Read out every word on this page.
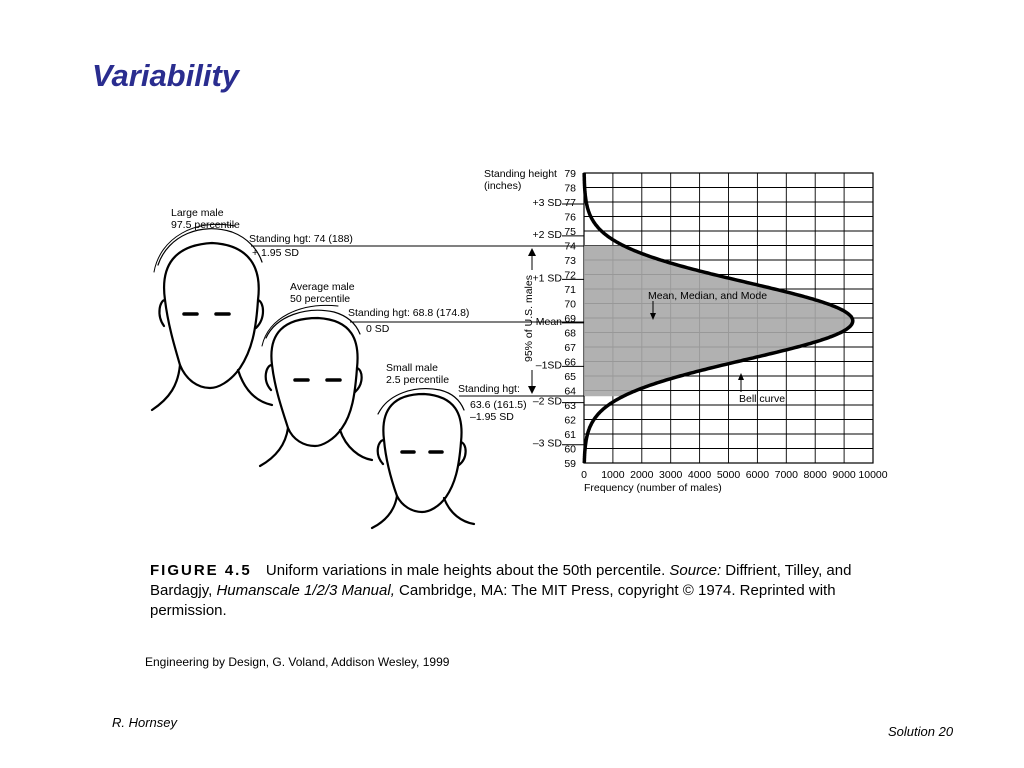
Variability
Large male
97.5 percentile
Standing hgt: 74 (188)
+ 1.95 SD
Average male
50 percentile
Standing hgt: 68.8 (174.8)
0 SD
Small male
2.5 percentile
Standing hgt:
63.6 (161.5)
–1.95 SD
95% of U.S. males
79
78
77
76
75
74
73
72
71
70
69
68
67
66
65
64
63
62
61
60
59
0 1000 2000 3000 4000 5000 6000 7000 8000 9000 10000
+3 SD
+2 SD
+1 SD
Mean
–1SD
–2 SD
–3 SD
Standing height
(inches)
Frequency (number of males)
Mean, Median, and Mode
Bell curve
FIGURE 4.5 Uniform variations in male heights about the 50th percentile. Source: Diffrient, Tilley, and Bardagjy, Humanscale 1/2/3 Manual, Cambridge, MA: The MIT Press, copyright © 1974. Reprinted with permission.
Engineering by Design, G. Voland, Addison Wesley, 1999
R. Hornsey
Solution 20
